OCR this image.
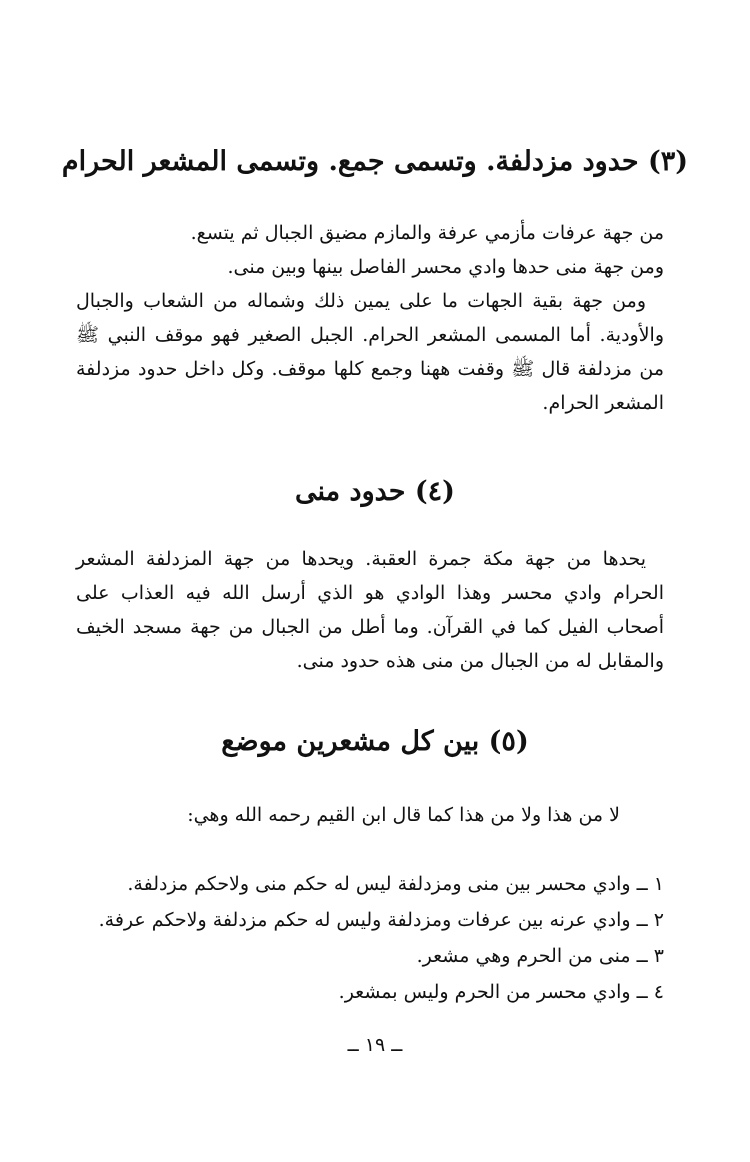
(٣) حدود مزدلفة. وتسمى جمع. وتسمى المشعر الحرام

من جهة عرفات مأزمي عرفة والمازم مضيق الجبال ثم يتسع.

ومن جهة منى حدها وادي محسر الفاصل بينها وبين منى.

ومن جهة بقية الجهات ما على يمين ذلك وشماله من الشعاب والجبال والأودية. أما المسمى المشعر الحرام. الجبل الصغير فهو موقف النبي ﷺ من مزدلفة قال ﷺ وقفت ههنا وجمع كلها موقف. وكل داخل حدود مزدلفة المشعر الحرام.

(٤) حدود منى

يحدها من جهة مكة جمرة العقبة. ويحدها من جهة المزدلفة المشعر الحرام وادي محسر وهذا الوادي هو الذي أرسل الله فيه العذاب على أصحاب الفيل كما في القرآن. وما أطل من الجبال من جهة مسجد الخيف والمقابل له من الجبال من منى هذه حدود منى.

(٥) بين كل مشعرين موضع

لا من هذا ولا من هذا كما قال ابن القيم رحمه الله وهي:

١ ــ وادي محسر بين منى ومزدلفة ليس له حكم منى ولاحكم مزدلفة.
٢ ــ وادي عرنه بين عرفات ومزدلفة وليس له حكم مزدلفة ولاحكم عرفة.
٣ ــ منى من الحرم وهي مشعر.
٤ ــ وادي محسر من الحرم وليس بمشعر.
ــ ١٩ ــ
